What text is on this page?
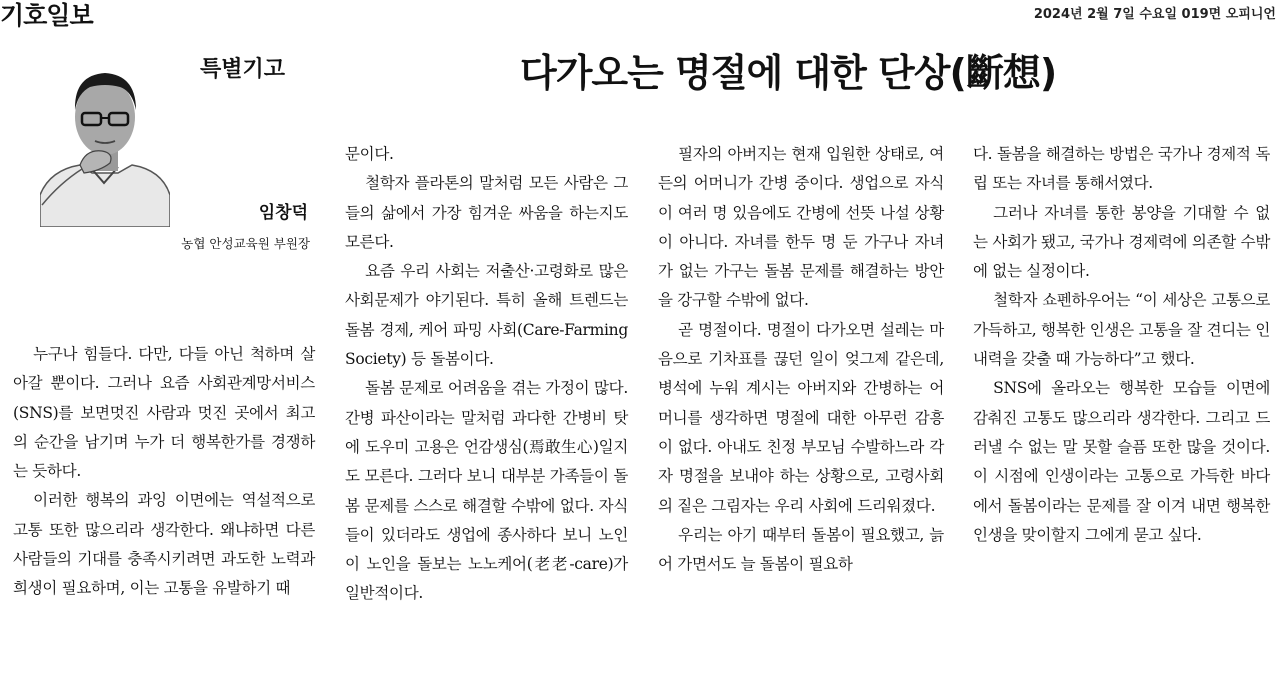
기호일보	2024년 2월 7일 수요일 019면 오피니언
특별기고	다가오는 명절에 대한 단상(斷想)
임창덕
농협 안성교육원 부원장

누구나 힘들다. 다만, 다들 아닌 척하며 살아갈 뿐이다. 그러나 요즘 사회관계망서비스(SNS)를 보면멋진 사람과 멋진 곳에서 최고의 순간을 남기며 누가 더 행복한가를 경쟁하는 듯하다.

이러한 행복의 과잉 이면에는 역설적으로 고통 또한 많으리라 생각한다. 왜냐하면 다른 사람들의 기대를 충족시키려면 과도한 노력과 희생이 필요하며, 이는 고통을 유발하기 때

문이다.

철학자 플라톤의 말처럼 모든 사람은 그들의 삶에서 가장 힘겨운 싸움을 하는지도 모른다.

요즘 우리 사회는 저출산·고령화로 많은 사회문제가 야기된다. 특히 올해 트렌드는 돌봄 경제, 케어 파밍 사회(Care-Farming Society) 등 돌봄이다.

돌봄 문제로 어려움을 겪는 가정이 많다. 간병 파산이라는 말처럼 과다한 간병비 탓에 도우미 고용은 언감생심(焉敢生心)일지도 모른다. 그러다 보니 대부분 가족들이 돌봄 문제를 스스로 해결할 수밖에 없다. 자식들이 있더라도 생업에 종사하다 보니 노인이 노인을 돌보는 노노케어(老老-care)가 일반적이다.

필자의 아버지는 현재 입원한 상태로, 여든의 어머니가 간병 중이다. 생업으로 자식이 여러 명 있음에도 간병에 선뜻 나설 상황이 아니다. 자녀를 한두 명 둔 가구나 자녀가 없는 가구는 돌봄 문제를 해결하는 방안을 강구할 수밖에 없다.

곧 명절이다. 명절이 다가오면 설레는 마음으로 기차표를 끊던 일이 엊그제 같은데, 병석에 누워 계시는 아버지와 간병하는 어머니를 생각하면 명절에 대한 아무런 감흥이 없다. 아내도 친정 부모님 수발하느라 각자 명절을 보내야 하는 상황으로, 고령사회의 짙은 그림자는 우리 사회에 드리워졌다.

우리는 아기 때부터 돌봄이 필요했고, 늙어 가면서도 늘 돌봄이 필요하

다. 돌봄을 해결하는 방법은 국가나 경제적 독립 또는 자녀를 통해서였다.

그러나 자녀를 통한 봉양을 기대할 수 없는 사회가 됐고, 국가나 경제력에 의존할 수밖에 없는 실정이다.

철학자 쇼펜하우어는 “이 세상은 고통으로 가득하고, 행복한 인생은 고통을 잘 견디는 인내력을 갖출 때 가능하다”고 했다.

SNS에 올라오는 행복한 모습들 이면에 감춰진 고통도 많으리라 생각한다. 그리고 드러낼 수 없는 말 못할 슬픔 또한 많을 것이다. 이 시점에 인생이라는 고통으로 가득한 바다에서 돌봄이라는 문제를 잘 이겨 내면 행복한 인생을 맞이할지 그에게 묻고 싶다.
